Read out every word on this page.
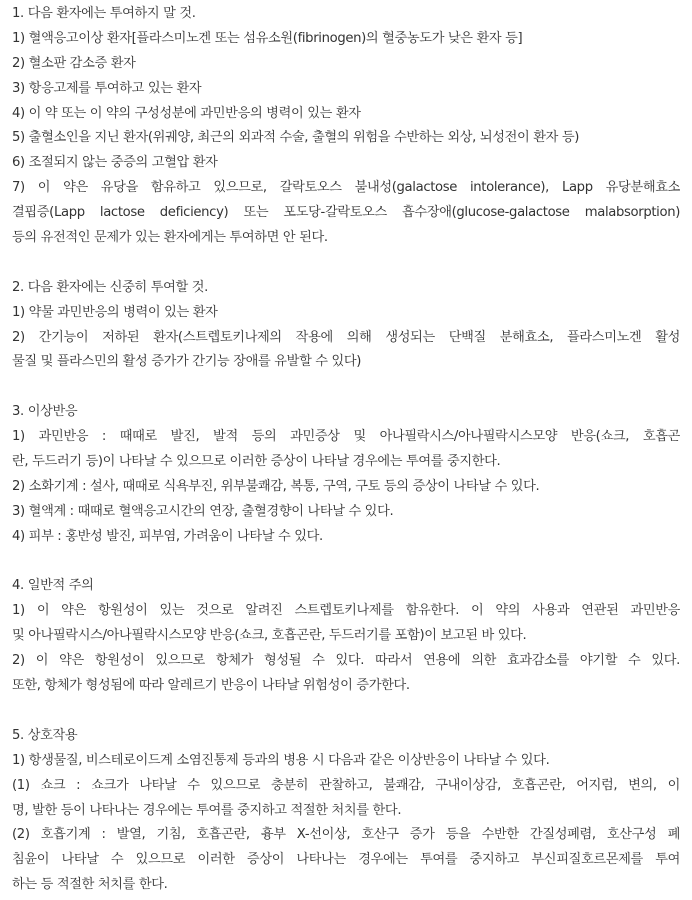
1. 다음 환자에는 투여하지 말 것.
1) 혈액응고이상 환자[플라스미노겐 또는 섬유소원(fibrinogen)의 혈중농도가 낮은 환자 등]
2) 혈소판 감소증 환자
3) 항응고제를 투여하고 있는 환자
4) 이 약 또는 이 약의 구성성분에 과민반응의 병력이 있는 환자
5) 출혈소인을 지닌 환자(위궤양, 최근의 외과적 수술, 출혈의 위험을 수반하는 외상, 뇌성전이 환자 등)
6) 조절되지 않는 중증의 고혈압 환자
7) 이 약은 유당을 함유하고 있으므로, 갈락토오스 불내성(galactose intolerance), Lapp 유당분해효소
결핍증(Lapp lactose deficiency) 또는 포도당-갈락토오스 흡수장애(glucose-galactose malabsorption)
등의 유전적인 문제가 있는 환자에게는 투여하면 안 된다.
2. 다음 환자에는 신중히 투여할 것.
1) 약물 과민반응의 병력이 있는 환자
2) 간기능이 저하된 환자(스트렙토키나제의 작용에 의해 생성되는 단백질 분해효소, 플라스미노겐 활성
물질 및 플라스민의 활성 증가가 간기능 장애를 유발할 수 있다)
3. 이상반응
1) 과민반응 : 때때로 발진, 발적 등의 과민증상 및 아나필락시스/아나필락시스모양 반응(쇼크, 호흡곤
란, 두드러기 등)이 나타날 수 있으므로 이러한 증상이 나타날 경우에는 투여를 중지한다.
2) 소화기계 : 설사, 때때로 식욕부진, 위부불쾌감, 복통, 구역, 구토 등의 증상이 나타날 수 있다.
3) 혈액계 : 때때로 혈액응고시간의 연장, 출혈경향이 나타날 수 있다.
4) 피부 : 홍반성 발진, 피부염, 가려움이 나타날 수 있다.
4. 일반적 주의
1) 이 약은 항원성이 있는 것으로 알려진 스트렙토키나제를 함유한다. 이 약의 사용과 연관된 과민반응
및 아나필락시스/아나필락시스모양 반응(쇼크, 호흡곤란, 두드러기를 포함)이 보고된 바 있다.
2) 이 약은 항원성이 있으므로 항체가 형성될 수 있다. 따라서 연용에 의한 효과감소를 야기할 수 있다.
또한, 항체가 형성됨에 따라 알레르기 반응이 나타날 위험성이 증가한다.
5. 상호작용
1) 항생물질, 비스테로이드계 소염진통제 등과의 병용 시 다음과 같은 이상반응이 나타날 수 있다.
(1) 쇼크 : 쇼크가 나타날 수 있으므로 충분히 관찰하고, 불쾌감, 구내이상감, 호흡곤란, 어지럼, 변의, 이
명, 발한 등이 나타나는 경우에는 투여를 중지하고 적절한 처치를 한다.
(2) 호흡기계 : 발열, 기침, 호흡곤란, 흉부 X-선이상, 호산구 증가 등을 수반한 간질성폐렴, 호산구성 폐
침윤이 나타날 수 있으므로 이러한 증상이 나타나는 경우에는 투여를 중지하고 부신피질호르몬제를 투여
하는 등 적절한 처치를 한다.
